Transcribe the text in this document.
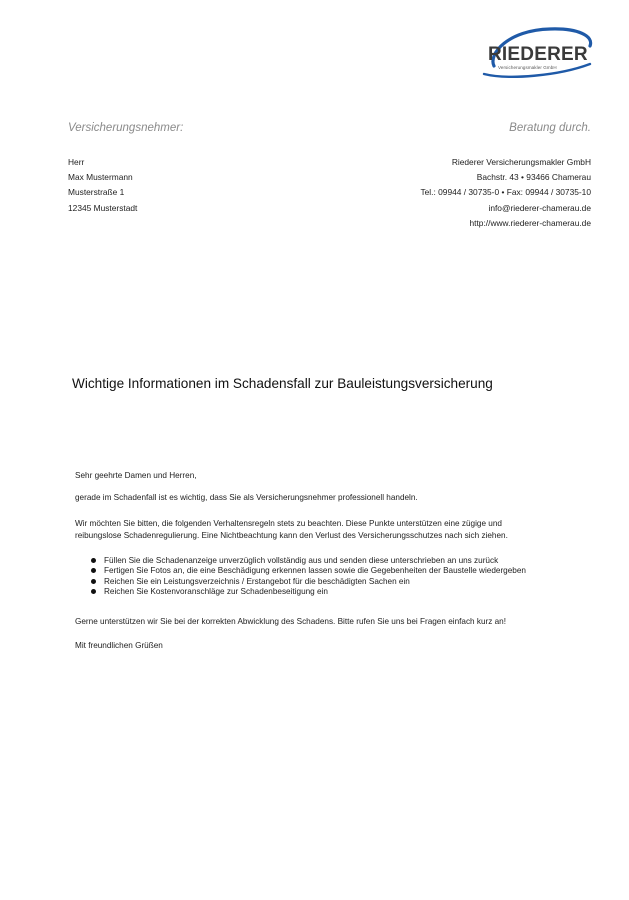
RIEDERER
Versicherungsmakler GmbH
Versicherungsnehmer:	Beratung durch.
Herr
Max Mustermann
Musterstraße 1
12345 Musterstadt
Riederer Versicherungsmakler GmbH
Bachstr. 43 • 93466 Chamerau
Tel.: 09944 / 30735-0 • Fax: 09944 / 30735-10
info@riederer-chamerau.de
http://www.riederer-chamerau.de
Wichtige Informationen im Schadensfall zur Bauleistungsversicherung
Sehr geehrte Damen und Herren,
gerade im Schadenfall ist es wichtig, dass Sie als Versicherungsnehmer professionell handeln.
Wir möchten Sie bitten, die folgenden Verhaltensregeln stets zu beachten. Diese Punkte unterstützen eine zügige und
reibungslose Schadenregulierung. Eine Nichtbeachtung kann den Verlust des Versicherungsschutzes nach sich ziehen.
Füllen Sie die Schadenanzeige unverzüglich vollständig aus und senden diese unterschrieben an uns zurück
Fertigen Sie Fotos an, die eine Beschädigung erkennen lassen sowie die Gegebenheiten der Baustelle wiedergeben
Reichen Sie ein Leistungsverzeichnis / Erstangebot für die beschädigten Sachen ein
Reichen Sie Kostenvoranschläge zur Schadenbeseitigung ein
Gerne unterstützen wir Sie bei der korrekten Abwicklung des Schadens. Bitte rufen Sie uns bei Fragen einfach kurz an!
Mit freundlichen Grüßen
